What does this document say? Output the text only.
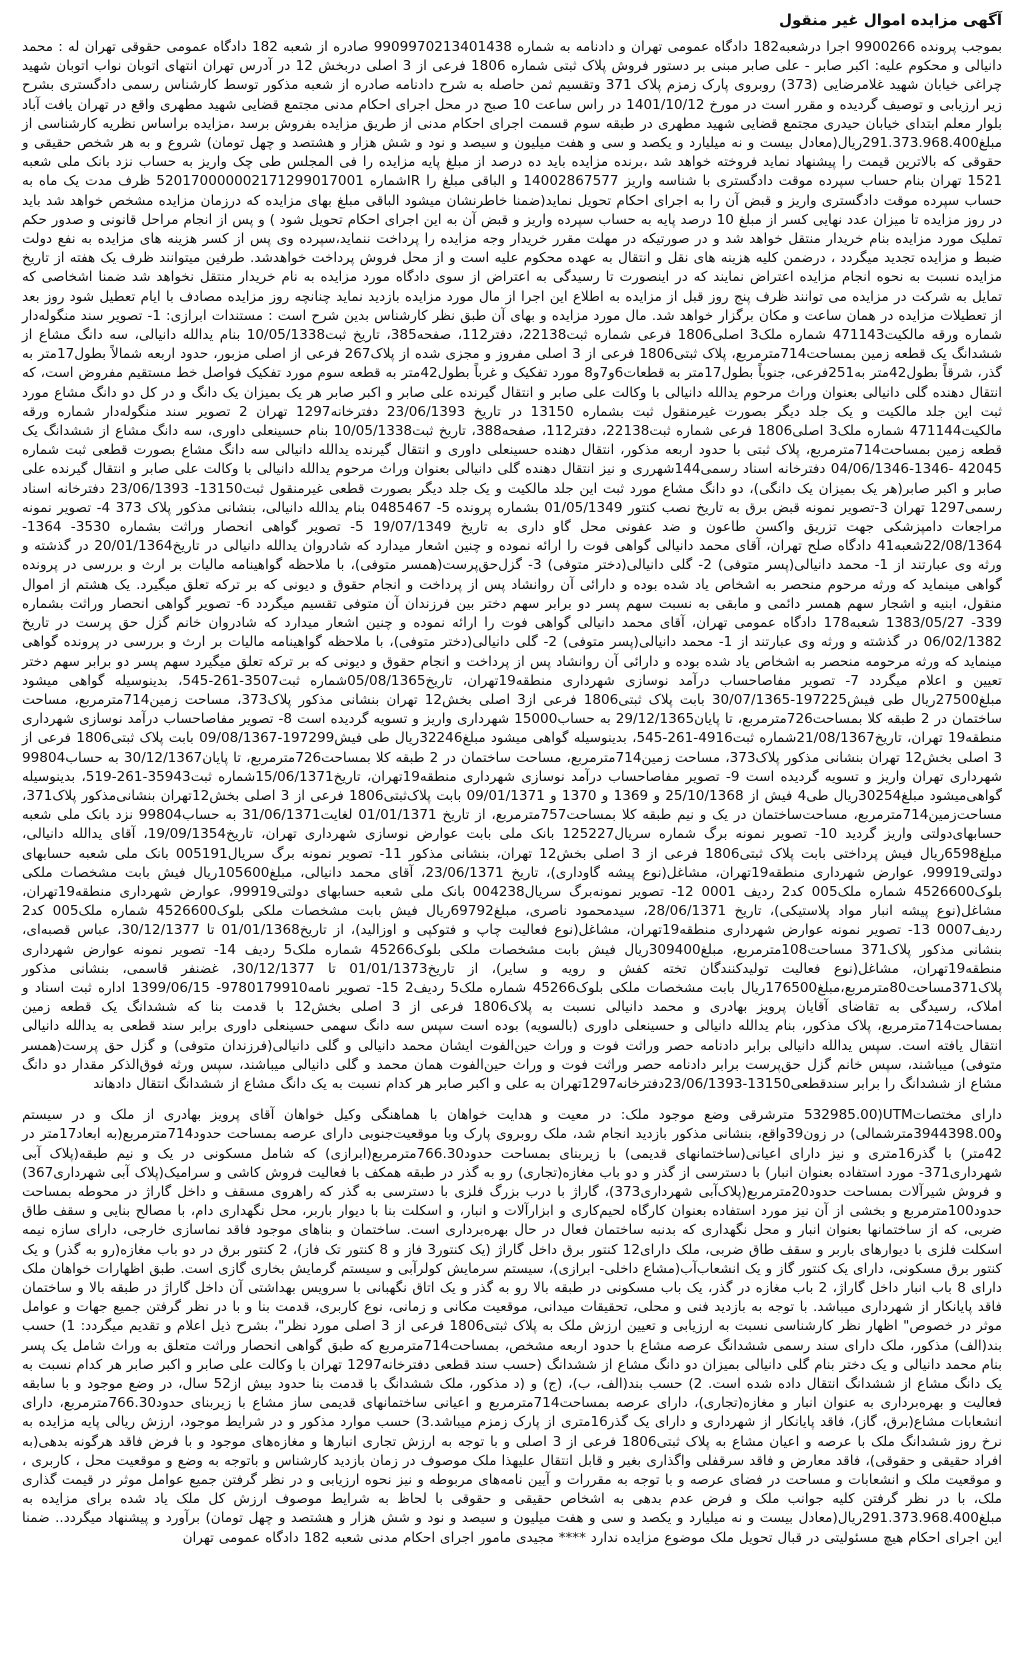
آگهی مزایده اموال غیر منقول

بموجب پرونده 9900266 اجرا درشعبه182 دادگاه عمومی تهران و دادنامه به شماره 9909970213401438 صادره از شعبه 182 دادگاه عمومی حقوقی تهران له : محمد دانیالی و محکوم علیه: اکبر صابر - علی صابر مبنی بر دستور فروش پلاک ثبتی شماره 1806 فرعی از 3 اصلی دربخش 12 در آدرس تهران انتهای اتوبان نواب اتوبان شهید چراغی خیابان شهید غلامرضایی (373) روبروی پارک زمزم پلاک 371 وتقسیم ثمن حاصله به شرح دادنامه صادره از شعبه مذکور توسط کارشناس رسمی دادگستری بشرح زیر ارزیابی و توصیف گردیده و مقرر است در مورخ 1401/10/12 در راس ساعت 10 صبح در محل اجرای احکام مدنی مجتمع قضایی شهید مطهری واقع در تهران یافت آباد بلوار معلم ابتدای خیابان حیدری مجتمع قضایی شهید مطهری در طبقه سوم قسمت اجرای احکام مدنی از طریق مزایده بفروش برسد ،مزایده براساس نظریه کارشناسی از مبلغ291.373.968.400ریال(معادل بیست و نه میلیارد و یکصد و سی و هفت میلیون و سیصد و نود و شش هزار و هشتصد و چهل تومان) شروع و به هر شخص حقیقی و حقوقی که بالاترین قیمت را پیشنهاد نماید فروخته خواهد شد ،برنده مزایده باید ده درصد از مبلغ پایه مزایده را فی المجلس طی چک واریز به حساب نزد بانک ملی شعبه 1521 تهران بنام حساب سپرده موقت دادگستری با شناسه واریز 14002867577 و الباقی مبلغ را IRشماره 520170000002171299017001 ظرف مدت یک ماه به حساب سپرده موقت دادگستری واریز و قبض آن را به اجرای احکام تحویل نماید(ضمنا خاطرنشان میشود الباقی مبلغ بهای مزایده که درزمان مزایده مشخص خواهد شد باید در روز مزایده تا میزان عدد نهایی کسر از مبلغ 10 درصد پایه به حساب سپرده واریز و قبض آن به این اجرای احکام تحویل شود ) و پس از انجام مراحل قانونی و صدور حکم تملیک مورد مزایده بنام خریدار منتقل خواهد شد و در صورتیکه در مهلت مقرر خریدار وجه مزایده را پرداخت ننماید،سپرده وی پس از کسر هزینه های مزایده به نفع دولت ضبط و مزایده تجدید میگردد ، درضمن کلیه هزینه های نقل و انتقال به عهده محکوم علیه است و از محل فروش پرداخت خواهدشد. طرفین میتوانند ظرف یک هفته از تاریخ مزایده نسبت به نحوه انجام مزایده اعتراض نمایند که در اینصورت تا رسیدگی به اعتراض از سوی دادگاه مورد مزایده به نام خریدار منتقل نخواهد شد ضمنا اشخاصی که تمایل به شرکت در مزایده می توانند ظرف پنج روز قبل از مزایده به اطلاع این اجرا از مال مورد مزایده بازدید نماید چنانچه روز مزایده مصادف با ایام تعطیل شود روز بعد از تعطیلات مزایده در همان ساعت و مکان برگزار خواهد شد. مال مورد مزایده و بهای آن طبق نظر کارشناس بدین شرح است : مستندات ابرازی: 1- تصویر سند منگوله‌دار شماره ورقه مالکیت471143 شماره ملک3 اصلی1806 فرعی شماره ثبت22138، دفتر112، صفحه385، تاریخ ثبت10/05/1338 بنام یدالله دانیالی، سه دانگ مشاع از ششدانگ یک قطعه زمین بمساحت714مترمربع، پلاک ثبتی1806 فرعی از 3 اصلی مفروز و مجزی شده از پلاک267 فرعی از اصلی مزبور، حدود اربعه شمالاً بطول17متر به گذر، شرقاً بطول42متر به251فرعی، جنوباً بطول17متر به قطعات6و7و8 مورد تفکیک و غرباً بطول42متر به قطعه سوم مورد تفکیک فواصل خط مستقیم مفروض است، که انتقال دهنده گلی دانیالی بعنوان وراث مرحوم یدالله دانیالی با وکالت علی صابر و انتقال گیرنده علی صابر و اکبر صابر هر یک بمیزان یک دانگ و در کل دو دانگ مشاع مورد ثبت این جلد مالکیت و یک جلد دیگر بصورت غیرمنقول ثبت بشماره 13150 در تاریخ 23/06/1393 دفترخانه1297 تهران 2 تصویر سند منگوله‌دار شماره ورقه مالکیت471144 شماره ملک3 اصلی1806 فرعی شماره ثبت22138، دفتر112، صفحه388، تاریخ ثبت10/05/1338 بنام حسینعلی داوری، سه دانگ مشاع از ششدانگ یک قطعه زمین بمساحت714مترمربع، پلاک ثبتی با حدود اربعه مذکور، انتقال دهنده حسینعلی داوری و انتقال گیرنده یدالله دانیالی سه دانگ مشاع بصورت قطعی ثبت شماره 42045 -1346-04/06/1346 دفترخانه اسناد رسمی144شهرری و نیز انتقال دهنده گلی دانیالی بعنوان وراث مرحوم یدالله دانیالی با وکالت علی صابر و انتقال گیرنده علی صابر و اکبر صابر(هر یک بمیزان یک دانگی)، دو دانگ مشاع مورد ثبت این جلد مالکیت و یک جلد دیگر بصورت قطعی غیرمنقول ثبت13150- 23/06/1393 دفترخانه اسناد رسمی1297 تهران 3-تصویر نمونه قبض برق به تاریخ نصب کنتور 01/05/1349 بشماره پرونده 5- 0485467 بنام یدالله دانیالی، بنشانی مذکور پلاک 373 4- تصویر نمونه مراجعات دامپزشکی جهت تزریق واکسن طاعون و ضد عفونی محل گاو داری به تاریخ 19/07/1349 5- تصویر گواهی انحصار وراثت بشماره 3530- 1364- 22/08/1364شعبه41 دادگاه صلح تهران، آقای محمد دانیالی گواهی فوت را ارائه نموده و چنین اشعار میدارد که شادروان یدالله دانیالی در تاریخ20/01/1364 در گذشته و ورثه وی عبارتند از 1- محمد دانیالی(پسر متوفی) 2- گلی دانیالی(دختر متوفی) 3- گزل‌حق‌پرست(همسر متوفی)، با ملاحظه گواهینامه مالیات بر ارث و بررسی در پرونده گواهی مینماید که ورثه مرحوم منحصر به اشخاص یاد شده بوده و دارائی آن روانشاد پس از پرداخت و انجام حقوق و دیونی که بر ترکه تعلق میگیرد. یک هشتم از اموال منقول، ابنیه و اشجار سهم همسر دائمی و مابقی به نسبت سهم پسر دو برابر سهم دختر بین فرزندان آن متوفی تقسیم میگردد 6- تصویر گواهی انحصار وراثت بشماره 339- 1383/05/27 شعبه178 دادگاه عمومی تهران، آقای محمد دانیالی گواهی فوت را ارائه نموده و چنین اشعار میدارد که شادروان خانم گزل حق پرست در تاریخ 06/02/1382 در گذشته و ورثه وی عبارتند از 1- محمد دانیالی(پسر متوفی) 2- گلی دانیالی(دختر متوفی)، با ملاحظه گواهینامه مالیات بر ارث و بررسی در پرونده گواهی مینماید که ورثه مرحومه منحصر به اشخاص یاد شده بوده و دارائی آن روانشاد پس از پرداخت و انجام حقوق و دیونی که بر ترکه تعلق میگیرد سهم پسر دو برابر سهم دختر تعیین و اعلام میگردد 7- تصویر مفاصاحساب درآمد نوسازی شهرداری منطقه19تهران، تاریخ05/08/1365شماره ثبت3507-261-545، بدینوسیله گواهی میشود مبلغ27500ریال طی فیش197225-30/07/1365 بابت پلاک ثبتی1806 فرعی از3 اصلی بخش12 تهران بنشانی مذکور پلاک373، مساحت زمین714مترمربع، مساحت ساختمان در 2 طبقه کلا بمساحت726مترمربع، تا پایان29/12/1365 به حساب15000 شهرداری واریز و تسویه گردیده است 8- تصویر مفاصاحساب درآمد نوسازی شهرداری منطقه19 تهران، تاریخ21/08/1367شماره ثبت4916-261-545، بدینوسیله گواهی میشود مبلغ32246ریال طی فیش197299-09/08/1367 بابت پلاک ثبتی1806 فرعی از 3 اصلی بخش12 تهران بنشانی مذکور پلاک373، مساحت زمین714مترمربع، مساحت ساختمان در 2 طبقه کلا بمساحت726مترمربع، تا پایان30/12/1367 به حساب99804 شهرداری تهران واریز و تسویه گردیده است 9- تصویر مفاصاحساب درآمد نوسازی شهرداری منطقه19تهران، تاریخ15/06/1371شماره ثبت35943-261-519، بدینوسیله گواهی‌میشود مبلغ30254ریال طی4 فیش از 25/10/1368 و 1369 و 1370 و 09/01/1371 بابت پلاک‌ثبتی1806 فرعی از 3 اصلی بخش12تهران بنشانی‌مذکور پلاک371، مساحت‌زمین714مترمربع، مساحت‌ساختمان در یک و نیم طبقه کلا بمساحت757مترمربع، از تاریخ 01/01/1371 لغایت31/06/1371 به حساب99804 نزد بانک ملی شعبه حسابهای‌دولتی واریز گردید 10- تصویر نمونه برگ شماره سریال125227 بانک ملی بابت عوارض نوسازی شهرداری تهران، تاریخ19/09/1354، آقای یدالله دانیالی، مبلغ6598ریال فیش پرداختی بابت پلاک ثبتی1806 فرعی از 3 اصلی بخش12 تهران، بنشانی مذکور 11- تصویر نمونه برگ سریال005191 بانک ملی شعبه حسابهای دولتی99919، عوارض شهرداری منطقه19تهران، مشاغل(نوع پیشه گاوداری)، تاریخ 23/06/1371، آقای محمد دانیالی، مبلغ105600ریال فیش بابت مشخصات ملکی بلوک4526600 شماره ملک005 کد2 ردیف 0001 12- تصویر نمونه‌برگ سریال004238 بانک ملی شعبه حسابهای دولتی99919، عوارض شهرداری منطقه19تهران، مشاغل(نوع پیشه انبار مواد پلاستیکی)، تاریخ 28/06/1371، سیدمحمود ناصری، مبلغ69792ریال فیش بابت مشخصات ملکی بلوک4526600 شماره ملک005 کد2 ردیف0007 13- تصویر نمونه عوارض شهرداری منطقه19تهران، مشاغل(نوع فعالیت چاپ و فتوکپی و اوزالید)، از تاریخ01/01/1368 تا 30/12/1377، عباس قصبه‌ای، بنشانی مذکور پلاک371 مساحت108مترمربع، مبلغ309400ریال فیش بابت مشخصات ملکی بلوک45266 شماره ملک5 ردیف 14- تصویر نمونه عوارض شهرداری منطقه19تهران، مشاغل(نوع فعالیت تولیدکنندگان تخته کفش و رویه و سایر)، از تاریخ01/01/1373 تا 30/12/1377، غضنفر قاسمی، بنشانی مذکور پلاک371مساحت80مترمربع،مبلغ176500ریال بابت مشخصات ملکی بلوک45266 شماره ملک5 ردیف2 15- تصویر نامه9780179910- 1399/06/15 اداره ثبت اسناد و املاک، رسیدگی به تقاضای آقایان پرویز بهادری و محمد دانیالی نسبت به پلاک1806 فرعی از 3 اصلی بخش12 با قدمت بنا که ششدانگ یک قطعه زمین بمساحت714مترمربع، پلاک مذکور، بنام یدالله دانیالی و حسینعلی داوری (بالسویه) بوده است سپس سه دانگ سهمی حسینعلی داوری برابر سند قطعی به یدالله دانیالی انتقال یافته است. سپس یدالله دانیالی برابر دادنامه حصر وراثت فوت و وراث حین‌الفوت ایشان محمد دانیالی و گلی دانیالی(فرزندان متوفی) و گزل حق پرست(همسر متوفی) میباشند، سپس خانم گزل حق‌پرست برابر دادنامه حصر وراثت فوت و وراث حین‌الفوت همان محمد و گلی دانیالی میباشند، سپس ورثه فوق‌الذکر مقدار دو دانگ مشاع از ششدانگ را برابر سندقطعی13150-23/06/1393دفترخانه1297تهران به علی و اکبر صابر هر کدام نسبت به یک دانگ مشاع از ششدانگ انتقال دادهاند

دارای مختصاتUTM(532985.00 مترشرقی وضع موجود ملک: در معیت و هدایت خواهان با هماهنگی وکیل خواهان آقای پرویز بهادری از ملک و در سیستم و3944398.00مترشمالی) در زون39واقع، بنشانی مذکور بازدید انجام شد، ملک روبروی پارک وبا موقعیت‌جنوبی دارای عرصه بمساحت حدود714مترمربع(به ابعاد17متر در 42متر) با گذر16متری و نیز دارای اعیانی(ساختمانهای قدیمی) با زیربنای بمساحت حدود766.30مترمربع(ابرازی) که شامل مسکونی در یک و نیم طبقه(پلاک آبی شهرداری371- مورد استفاده بعنوان انبار) با دسترسی از گذر و دو باب مغازه(تجاری) رو به گذر در طبقه همکف با فعالیت فروش کاشی و سرامیک(پلاک آبی شهرداری367) و فروش شیرآلات بمساحت حدود20مترمربع(پلاک‌آبی شهرداری373)، گاراژ با درب بزرگ فلزی با دسترسی به گذر که راهروی مسقف و داخل گاراژ در محوطه بمساحت حدود100مترمربع و بخشی از آن نیز مورد استفاده بعنوان کارگاه لحیم‌کاری و ابزارآلات و انبار، و اسکلت بنا با دیوار باربر، محل نگهداری دام، با مصالح بنایی و سقف طاق ضربی، که از ساختمانها بعنوان انبار و محل نگهداری که بدنبه ساختمان فعال در حال بهره‌برداری است. ساختمان و بناهای موجود فاقد نماسازی خارجی، دارای سازه نیمه اسکلت فلزی با دیوارهای باربر و سقف طاق ضربی، ملک دارای12 کنتور برق داخل گاراژ (یک کنتور3 فاز و 8 کنتور تک فاز)، 2 کنتور برق در دو باب مغازه(رو به گذر) و یک کنتور برق مسکونی، دارای یک کنتور گاز و یک انشعاب‌آب(مشاع داخلی- ابرازی)، سیستم سرمایش کولرآبی و سیستم گرمایش بخاری گازی است. طبق اظهارات خواهان ملک دارای 8 باب انبار داخل گاراژ، 2 باب مغازه در گذر، یک باب مسکونی در طبقه بالا رو به گذر و یک اتاق نگهبانی با سرویس بهداشتی آن داخل گاراژ در طبقه بالا و ساختمان فاقد پایانکار از شهرداری میباشد. با توجه به بازدید فنی و محلی، تحقیقات میدانی، موقعیت مکانی و زمانی، نوع کاربری، قدمت بنا و با در نظر گرفتن جمیع جهات و عوامل موثر در خصوص" اظهار نظر کارشناسی نسبت به ارزیابی و تعیین ارزش ملک به پلاک ثبتی1806 فرعی از 3 اصلی مورد نظر"، بشرح ذیل اعلام و تقدیم میگردد: 1) حسب بند(الف) مذکور، ملک دارای سند رسمی ششدانگ عرصه مشاع با حدود اربعه مشخص، بمساحت714مترمربع که طبق گواهی انحصار وراثت متعلق به وراث شامل یک پسر بنام محمد دانیالی و یک دختر بنام گلی دانیالی بمیزان دو دانگ مشاع از ششدانگ (حسب سند قطعی دفترخانه1297 تهران با وکالت علی صابر و اکبر صابر هر کدام نسبت به یک دانگ مشاع از ششدانگ انتقال داده شده است. 2) حسب بند(الف، ب)، (ج) و (د مذکور، ملک ششدانگ با قدمت بنا حدود بیش از52 سال، در وضع موجود و با سابقه فعالیت و بهره‌برداری به عنوان انبار و مغازه(تجاری)، دارای عرصه بمساحت714مترمربع و اعیانی ساختمانهای قدیمی ساز مشاع با زیربنای حدود766.30مترمربع، دارای انشعابات مشاع(برق، گاز)، فاقد پایانکار از شهرداری و دارای یک گذر16متری از پارک زمزم میباشد.3) حسب موارد مذکور و در شرایط موجود، ارزش ریالی پایه مزایده به نرخ روز ششدانگ ملک با عرصه و اعیان مشاع به پلاک ثبتی1806 فرعی از 3 اصلی و با توجه به ارزش تجاری انبارها و مغازه‌های موجود و با فرض فاقد هرگونه بدهی(به افراد حقیقی و حقوقی)، فاقد معارض و فاقد سرقفلی واگذاری بغیر و قابل انتقال علیهذا ملک موصوف در زمان بازدید کارشناس و باتوجه به وضع و موقعیت محل ، کاربری ، و موقعیت ملک و انشعابات و مساحت در فضای عرصه و با توجه به مقررات و آیین نامه‌های مربوطه و نیز نحوه ارزیابی و در نظر گرفتن جمیع عوامل موثر در قیمت گذاری ملک، با در نظر گرفتن کلیه جوانب ملک و فرض عدم بدهی به اشخاص حقیقی و حقوقی با لحاظ به شرایط موصوف ارزش کل ملک یاد شده برای مزایده به مبلغ291.373.968.400ریال(معادل بیست و نه میلیارد و یکصد و سی و هفت میلیون و سیصد و نود و شش هزار و هشتصد و چهل تومان) برآورد و پیشنهاد میگردد.. ضمنا این اجرای احکام هیچ مسئولیتی در قبال تحویل ملک موضوع مزایده ندارد **** مجیدی مامور اجرای احکام مدنی شعبه 182 دادگاه عمومی تهران
